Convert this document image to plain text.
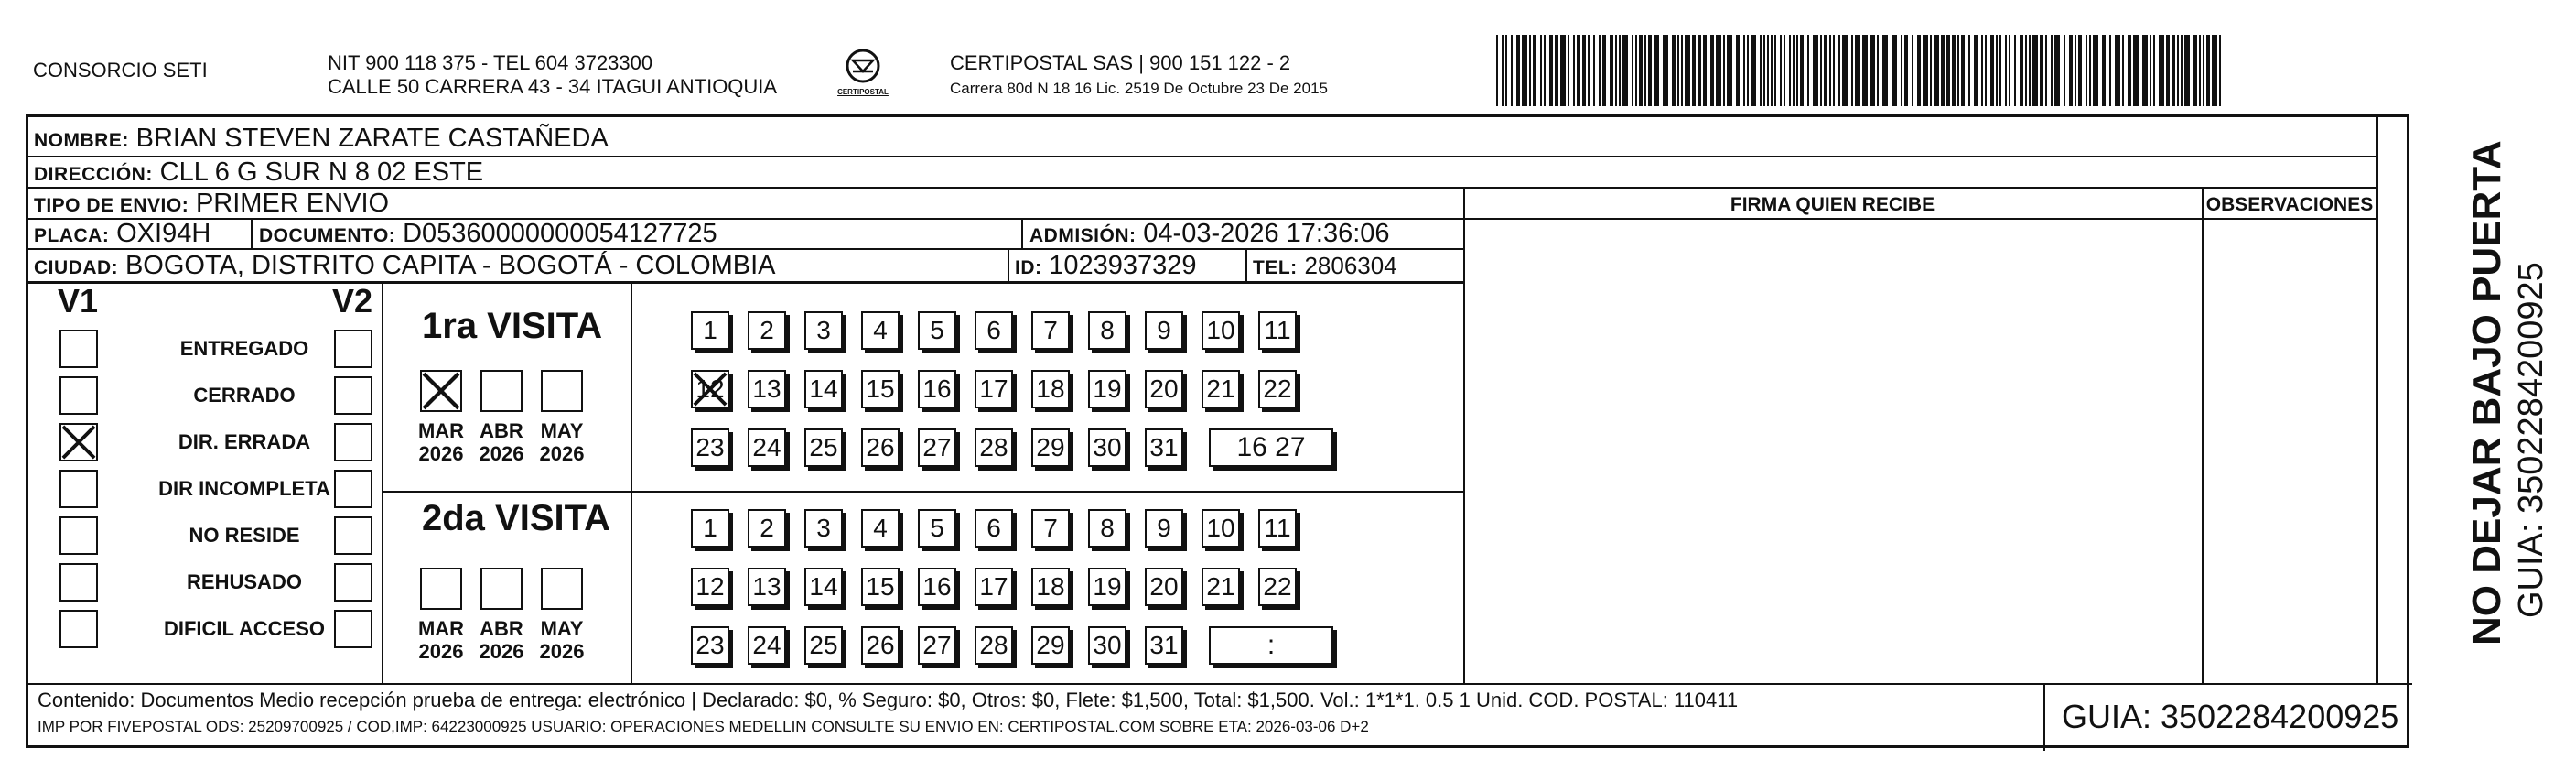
CONSORCIO SETI	NIT 900 118 375 - TEL 604 3723300
CALLE 50 CARRERA 43 - 34 ITAGUI ANTIOQUIA	CERTIPOSTAL
CERTIPOSTAL SAS | 900 151 122 - 2
Carrera 80d N 18 16 Lic. 2519 De Octubre 23 De 2015
NOMBRE: BRIAN STEVEN ZARATE CASTAÑEDA
DIRECCIÓN: CLL 6 G SUR N 8 02 ESTE
TIPO DE ENVIO: PRIMER ENVIO
PLACA: OXI94H	DOCUMENTO: D05360000000054127725	ADMISIÓN: 04-03-2026 17:36:06
CIUDAD: BOGOTA, DISTRITO CAPITA - BOGOTÁ - COLOMBIA	ID: 1023937329	TEL: 2806304
FIRMA QUIEN RECIBE	OBSERVACIONES
V1	V2
1ra VISITA
2da VISITA
Contenido: Documentos Medio recepción prueba de entrega: electrónico | Declarado: $0, % Seguro: $0, Otros: $0, Flete: $1,500, Total: $1,500. Vol.: 1*1*1. 0.5 1 Unid. COD. POSTAL: 110411
IMP POR FIVEPOSTAL ODS: 25209700925 / COD,IMP: 64223000925 USUARIO: OPERACIONES MEDELLIN CONSULTE SU ENVIO EN: CERTIPOSTAL.COM SOBRE ETA: 2026-03-06 D+2	GUIA: 3502284200925
ENTREGADO
CERRADO
DIR. ERRADA
DIR INCOMPLETA
NO RESIDE
REHUSADO
DIFICIL ACCESO
MAR
2026
ABR
2026
MAY
2026
MAR
2026
ABR
2026
MAY
2026
1	2	3	4	5	6	7	8	9	10 11
12 13 14 15 16 17 18 19 20 21 22
23 24 25 26 27 28 29 30 31	16 27
1	2	3	4	5	6	7	8	9	10 11
12 13 14 15 16 17 18 19 20 21 22
23 24 25 26 27 28 29 30 31	:	NO DEJAR BAJO PUERTA GUIA: 3502284200925
